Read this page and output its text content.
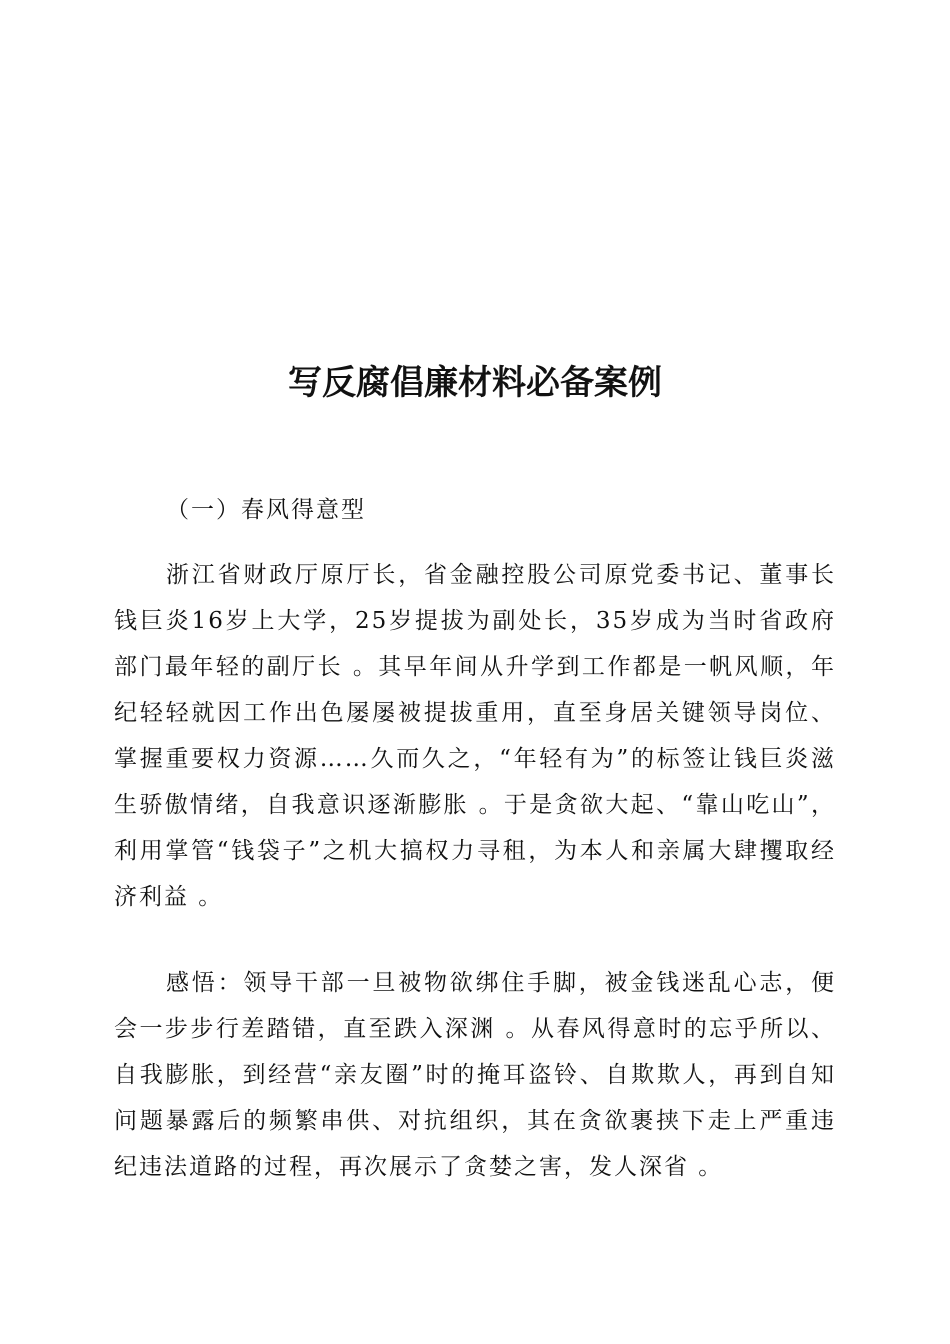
写反腐倡廉材料必备案例

（一）春风得意型

浙江省财政厅原厅长，省金融控股公司原党委书记、董事长钱巨炎16岁上大学，25岁提拔为副处长，35岁成为当时省政府部门最年轻的副厅长 。其早年间从升学到工作都是一帆风顺，年纪轻轻就因工作出色屡屡被提拔重用，直至身居关键领导岗位、掌握重要权力资源……久而久之，“年轻有为”的标签让钱巨炎滋生骄傲情绪，自我意识逐渐膨胀 。于是贪欲大起、“靠山吃山”，利用掌管“钱袋子”之机大搞权力寻租，为本人和亲属大肆攫取经济利益 。

感悟：领导干部一旦被物欲绑住手脚，被金钱迷乱心志，便会一步步行差踏错，直至跌入深渊 。从春风得意时的忘乎所以、自我膨胀，到经营“亲友圈”时的掩耳盗铃、自欺欺人，再到自知问题暴露后的频繁串供、对抗组织，其在贪欲裹挟下走上严重违纪违法道路的过程，再次展示了贪婪之害，发人深省 。
